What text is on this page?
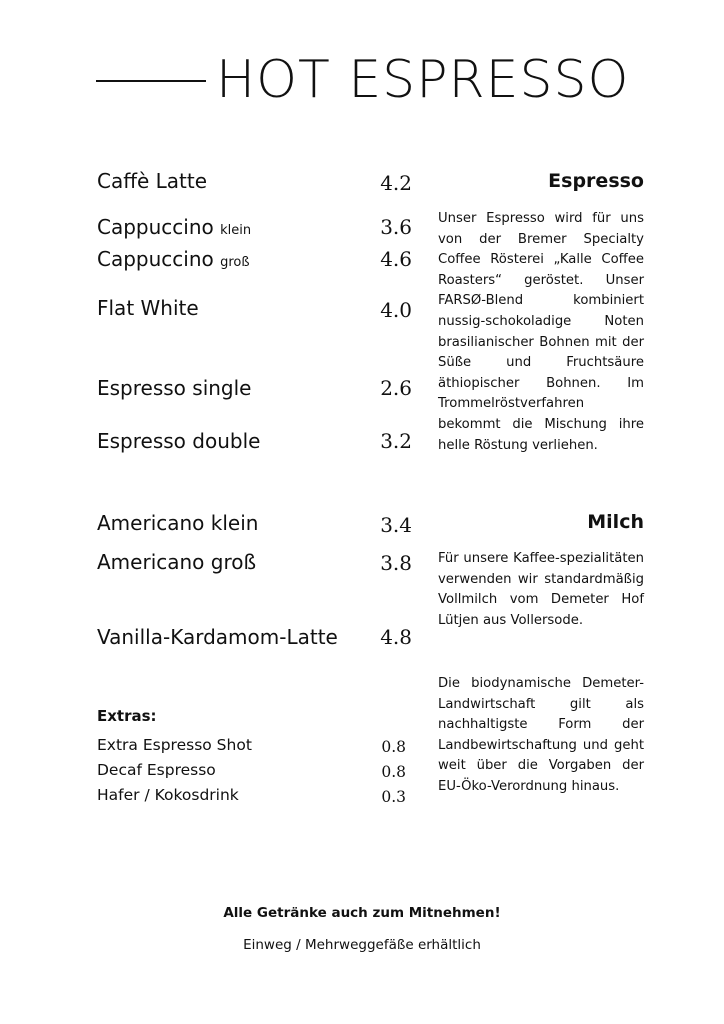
HOT ESPRESSO
Caffè Latte	4.2
Cappuccino klein	3.6
Cappuccino groß	4.6
Flat White	4.0
Espresso single	2.6
Espresso double	3.2
Americano klein	3.4
Americano groß	3.8
Vanilla-Kardamom-Latte	4.8
Extras:
Extra Espresso Shot	0.8
Decaf Espresso	0.8
Hafer / Kokosdrink	0.3
Espresso
Unser Espresso wird für uns von der Bremer Specialty Coffee Rösterei „Kalle Coffee Roasters“ geröstet. Unser FARSØ-Blend kombiniert nussig-schokoladige Noten brasilianischer Bohnen mit der Süße und Fruchtsäure äthiopischer Bohnen. Im Trommelröstverfahren bekommt die Mischung ihre helle Röstung verliehen.
Milch
Für unsere Kaffee-spezialitäten verwenden wir standardmäßig Vollmilch vom Demeter Hof Lütjen aus Vollersode.
Die biodynamische Demeter-Landwirtschaft gilt als nachhaltigste Form der Landbewirtschaftung und geht weit über die Vorgaben der EU-Öko-Verordnung hinaus.
Alle Getränke auch zum Mitnehmen!
Einweg / Mehrweggefäße erhältlich
